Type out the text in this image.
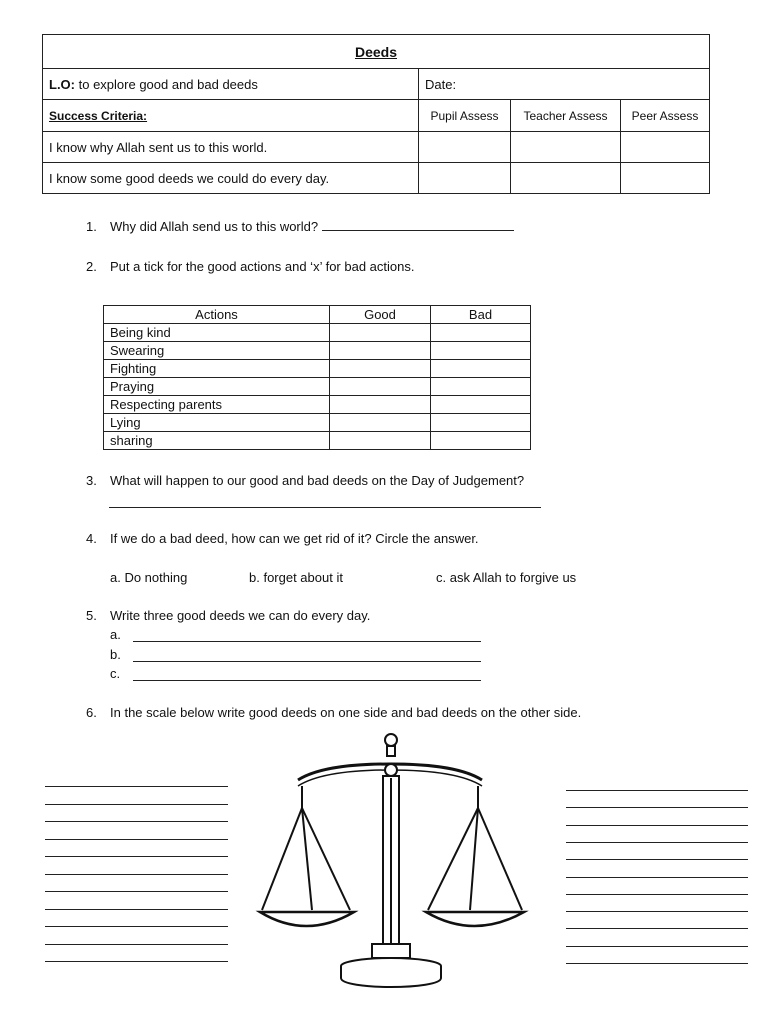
Deeds			
L.O: to explore good and bad deeds	Date:		
Success Criteria:	Pupil Assess	Teacher Assess	Peer Assess
I know why Allah sent us to this world.			
I know some good deeds we could do every day.			
1. Why did Allah send us to this world?
2. Put a tick for the good actions and ‘x’ for bad actions.
Actions	Good	Bad
Being kind		
Swearing		
Fighting		
Praying		
Respecting parents		
Lying		
sharing		
3. What will happen to our good and bad deeds on the Day of Judgement?
4. If we do a bad deed, how can we get rid of it? Circle the answer.
a. Do nothing	b. forget about it	c. ask Allah to forgive us
5. Write three good deeds we can do every day.
a.
b.
c.
6. In the scale below write good deeds on one side and bad deeds on the other side.
